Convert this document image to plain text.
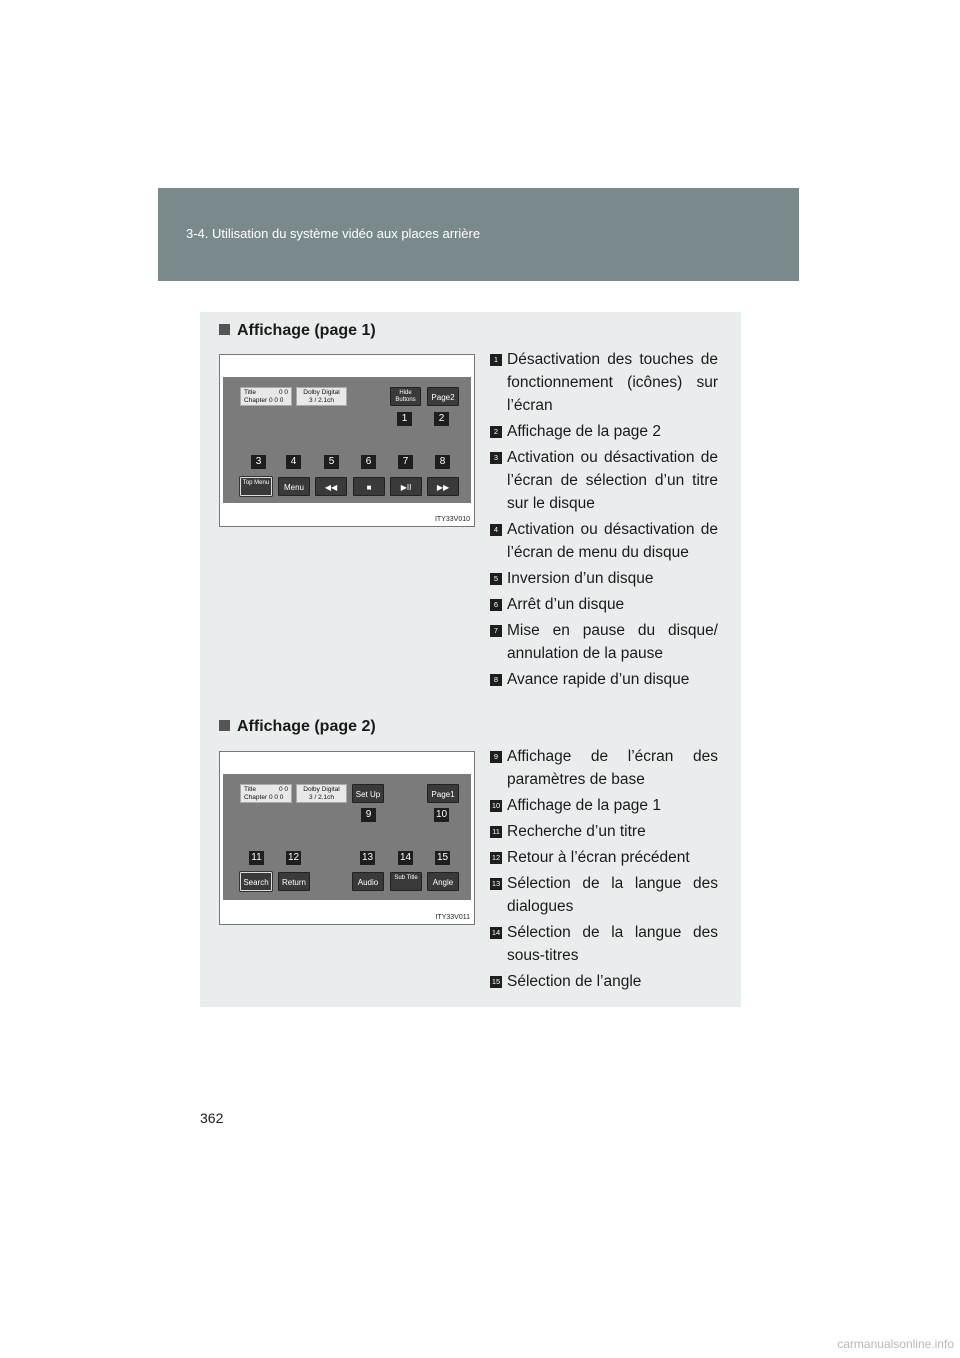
3-4. Utilisation du système vidéo aux places arrière
Affichage (page 1)
Title	0 0

Chapter 0 0 0
Dolby Digital
3 / 2.1ch
Hide Buttons	Page2
1	2
3	4	5	6	7	8
Top Menu	Menu	◀◀	■	▶II	▶▶
ITY33V010
1 Désactivation des touches de fonctionnement (icônes) sur l’écran
2 Affichage de la page 2
3 Activation ou désactivation de l’écran de sélection d’un titre sur le disque
4 Activation ou désactivation de l’écran de menu du disque
5 Inversion d’un disque
6 Arrêt d’un disque
7 Mise en pause du disque/ annulation de la pause
8 Avance rapide d’un disque
Affichage (page 2)
Title	0 0

Chapter 0 0 0
Dolby Digital
3 / 2.1ch	Set Up	Page1
9	10
11	12	13	14	15
Search	Return	Audio	Sub Title	Angle
ITY33V011
9 Affichage de l’écran des paramètres de base
10 Affichage de la page 1
11 Recherche d’un titre
12 Retour à l’écran précédent
13 Sélection de la langue des dialogues
14 Sélection de la langue des sous-titres
15 Sélection de l’angle
362
carmanualsonline.info
